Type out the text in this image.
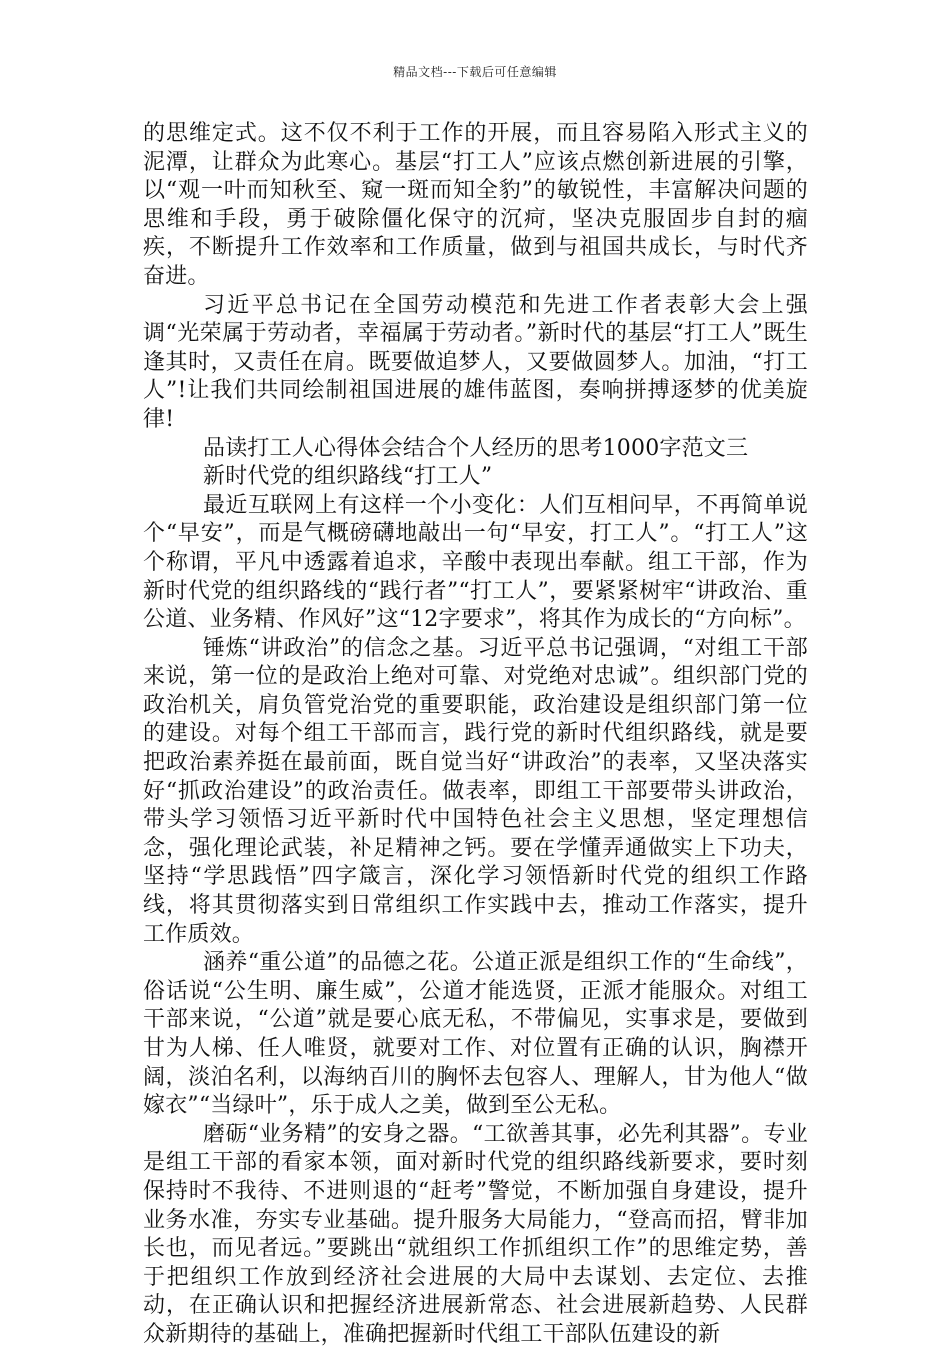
精品文档---下载后可任意编辑

的思维定式。这不仅不利于工作的开展，而且容易陷入形式主义的泥潭，让群众为此寒心。基层“打工人”应该点燃创新进展的引擎，以“观一叶而知秋至、窥一斑而知全豹”的敏锐性，丰富解决问题的思维和手段，勇于破除僵化保守的沉疴，坚决克服固步自封的痼疾，不断提升工作效率和工作质量，做到与祖国共成长，与时代齐奋进。

习近平总书记在全国劳动模范和先进工作者表彰大会上强调“光荣属于劳动者，幸福属于劳动者。”新时代的基层“打工人”既生逢其时，又责任在肩。既要做追梦人，又要做圆梦人。加油，“打工人”!让我们共同绘制祖国进展的雄伟蓝图，奏响拼搏逐梦的优美旋律!

品读打工人心得体会结合个人经历的思考1000字范文三

新时代党的组织路线“打工人”

最近互联网上有这样一个小变化：人们互相问早，不再简单说个“早安”，而是气概磅礴地敲出一句“早安，打工人”。“打工人”这个称谓，平凡中透露着追求，辛酸中表现出奉献。组工干部，作为新时代党的组织路线的“践行者”“打工人”，要紧紧树牢“讲政治、重公道、业务精、作风好”这“12字要求”，将其作为成长的“方向标”。

锤炼“讲政治”的信念之基。习近平总书记强调，“对组工干部来说，第一位的是政治上绝对可靠、对党绝对忠诚”。组织部门党的政治机关，肩负管党治党的重要职能，政治建设是组织部门第一位的建设。对每个组工干部而言，践行党的新时代组织路线，就是要把政治素养挺在最前面，既自觉当好“讲政治”的表率，又坚决落实好“抓政治建设”的政治责任。做表率，即组工干部要带头讲政治，带头学习领悟习近平新时代中国特色社会主义思想，坚定理想信念，强化理论武装，补足精神之钙。要在学懂弄通做实上下功夫，坚持“学思践悟”四字箴言，深化学习领悟新时代党的组织工作路线，将其贯彻落实到日常组织工作实践中去，推动工作落实，提升工作质效。

涵养“重公道”的品德之花。公道正派是组织工作的“生命线”，俗话说“公生明、廉生威”，公道才能选贤，正派才能服众。对组工干部来说，“公道”就是要心底无私，不带偏见，实事求是，要做到甘为人梯、任人唯贤，就要对工作、对位置有正确的认识，胸襟开阔，淡泊名利，以海纳百川的胸怀去包容人、理解人，甘为他人“做嫁衣”“当绿叶”，乐于成人之美，做到至公无私。

磨砺“业务精”的安身之器。“工欲善其事，必先利其器”。专业是组工干部的看家本领，面对新时代党的组织路线新要求，要时刻保持时不我待、不进则退的“赶考”警觉，不断加强自身建设，提升业务水准，夯实专业基础。提升服务大局能力，“登高而招，臂非加长也，而见者远。”要跳出“就组织工作抓组织工作”的思维定势，善于把组织工作放到经济社会进展的大局中去谋划、去定位、去推动，在正确认识和把握经济进展新常态、社会进展新趋势、人民群众新期待的基础上，准确把握新时代组工干部队伍建设的新
